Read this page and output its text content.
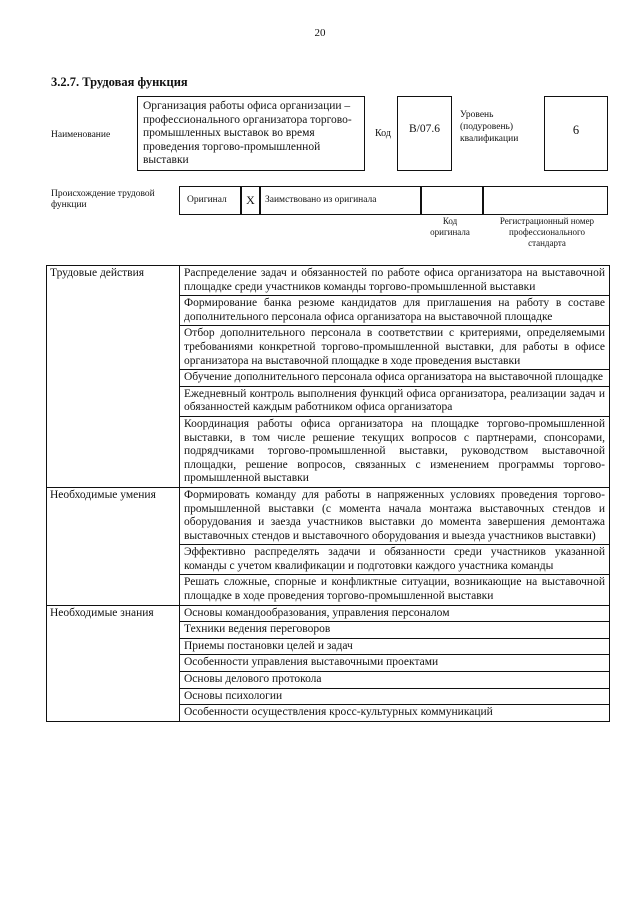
20
3.2.7. Трудовая функция
Наименование
Организация работы офиса организации – профессионального организатора торгово-промышленных выставок во время проведения торгово-промышленной выставки
Код	B/07.6
Уровень
(подуровень)
квалификации
6
Происхождение трудовой
функции	Оригинал	X	Заимствовано из оригинала
Код
оригинала
Регистрационный номер
профессионального
стандарта
Трудовые действия	Распределение задач и обязанностей по работе офиса организатора на выставочной площадке среди участников команды торгово-промышленной выставки
	Формирование банка резюме кандидатов для приглашения на работу в составе дополнительного персонала офиса организатора на выставочной площадке
	Отбор дополнительного персонала в соответствии с критериями, определяемыми требованиями конкретной торгово-промышленной выставки, для работы в офисе организатора на выставочной площадке в ходе проведения выставки
	Обучение дополнительного персонала офиса организатора на выставочной площадке
	Ежедневный контроль выполнения функций офиса организатора, реализации задач и обязанностей каждым работником офиса организатора
	Координация работы офиса организатора на площадке торгово-промышленной выставки, в том числе решение текущих вопросов с партнерами, спонсорами, подрядчиками торгово-промышленной выставки, руководством выставочной площадки, решение вопросов, связанных с изменением программы торгово-промышленной выставки
Необходимые умения	Формировать команду для работы в напряженных условиях проведения торгово-промышленной выставки (с момента начала монтажа выставочных стендов и оборудования и заезда участников выставки до момента завершения демонтажа выставочных стендов и выставочного оборудования и выезда участников выставки)
	Эффективно распределять задачи и обязанности среди участников указанной команды с учетом квалификации и подготовки каждого участника команды
	Решать сложные, спорные и конфликтные ситуации, возникающие на выставочной площадке в ходе проведения торгово-промышленной выставки
Необходимые знания	Основы командообразования, управления персоналом
	Техники ведения переговоров
	Приемы постановки целей и задач
	Особенности управления выставочными проектами
	Основы делового протокола
	Основы психологии
	Особенности осуществления кросс-культурных коммуникаций
